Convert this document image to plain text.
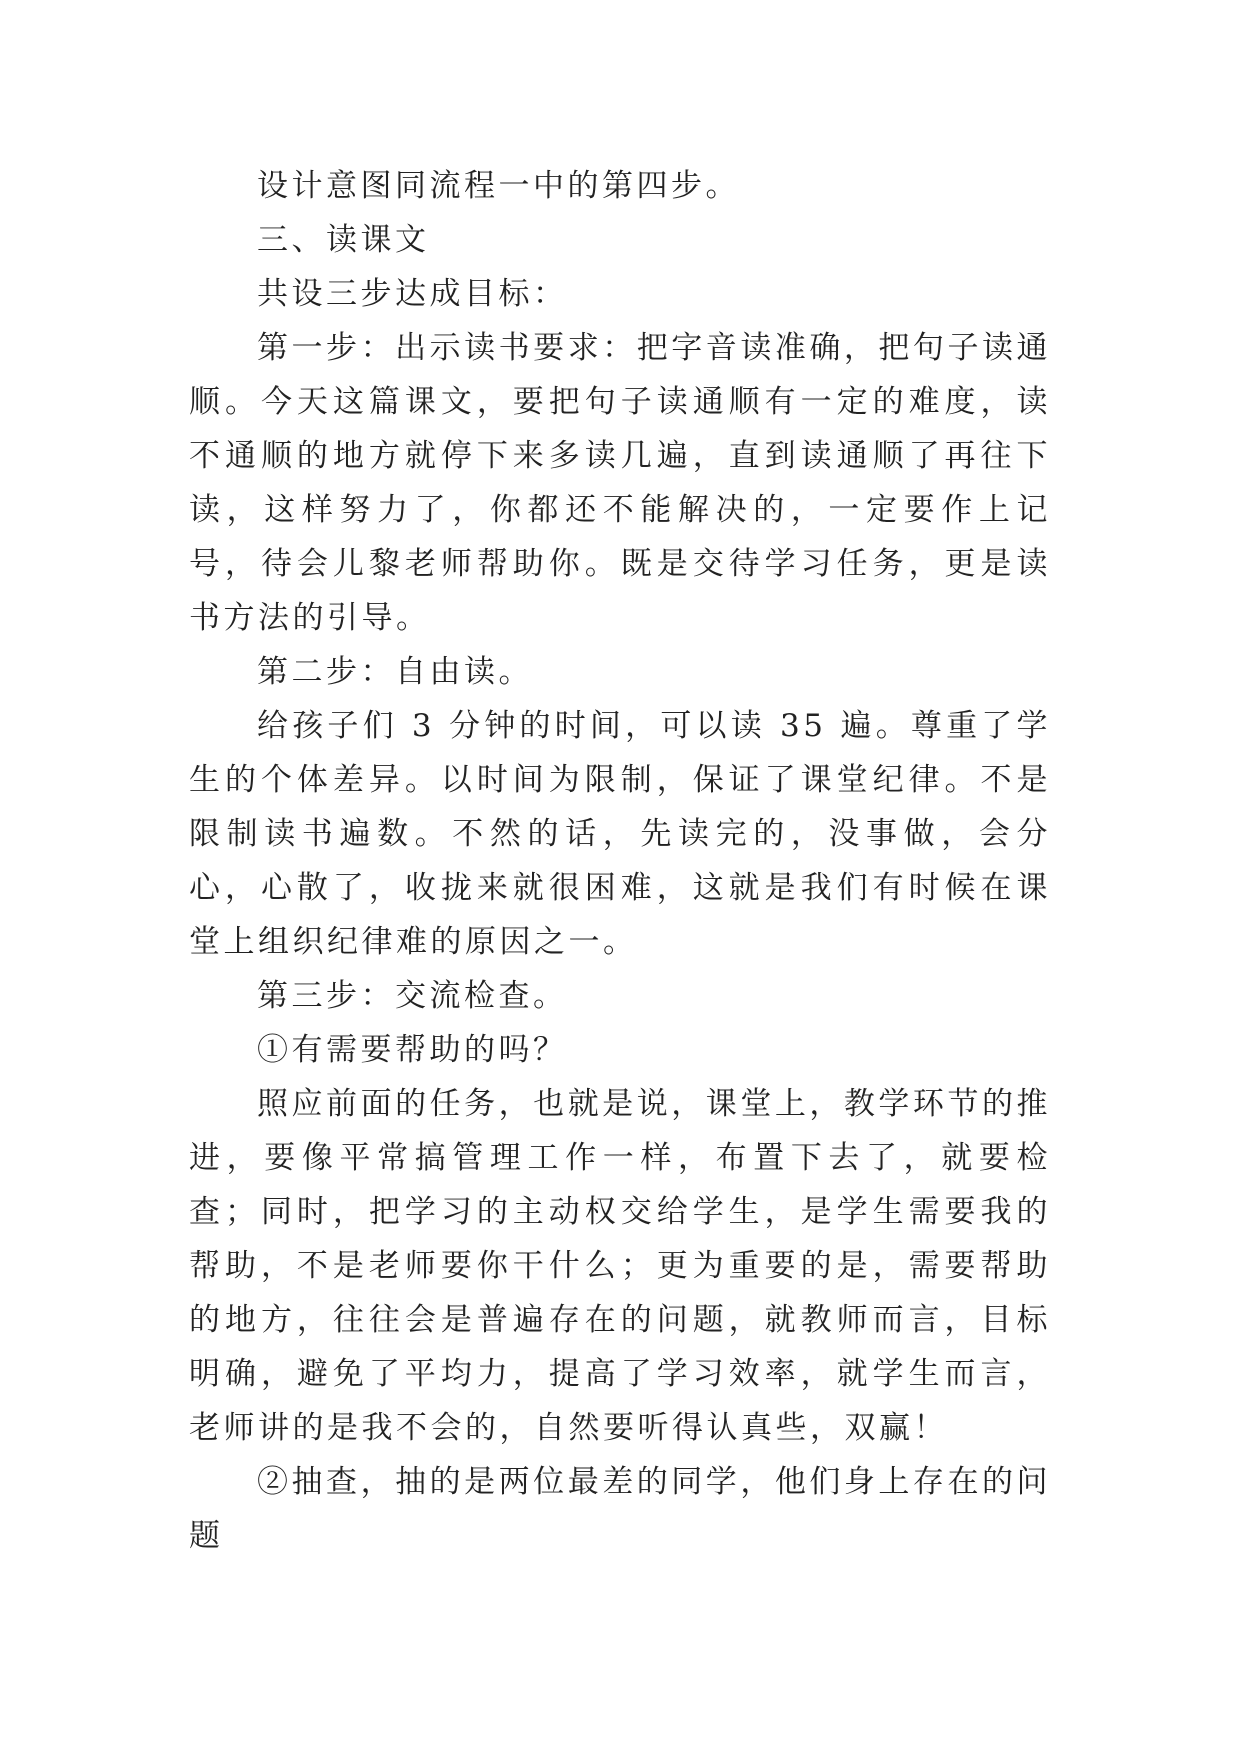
设计意图同流程一中的第四步。

三、读课文

共设三步达成目标：

第一步：出示读书要求：把字音读准确，把句子读通顺。今天这篇课文，要把句子读通顺有一定的难度，读不通顺的地方就停下来多读几遍，直到读通顺了再往下读，这样努力了，你都还不能解决的，一定要作上记号，待会儿黎老师帮助你。既是交待学习任务，更是读书方法的引导。

第二步：自由读。

给孩子们 3 分钟的时间，可以读 35 遍。尊重了学生的个体差异。以时间为限制，保证了课堂纪律。不是限制读书遍数。不然的话，先读完的，没事做，会分心，心散了，收拢来就很困难，这就是我们有时候在课堂上组织纪律难的原因之一。

第三步：交流检查。

①有需要帮助的吗？

照应前面的任务，也就是说，课堂上，教学环节的推进，要像平常搞管理工作一样，布置下去了，就要检查；同时，把学习的主动权交给学生，是学生需要我的帮助，不是老师要你干什么；更为重要的是，需要帮助的地方，往往会是普遍存在的问题，就教师而言，目标明确，避免了平均力，提高了学习效率，就学生而言，老师讲的是我不会的，自然要听得认真些，双赢！

②抽查，抽的是两位最差的同学，他们身上存在的问题
